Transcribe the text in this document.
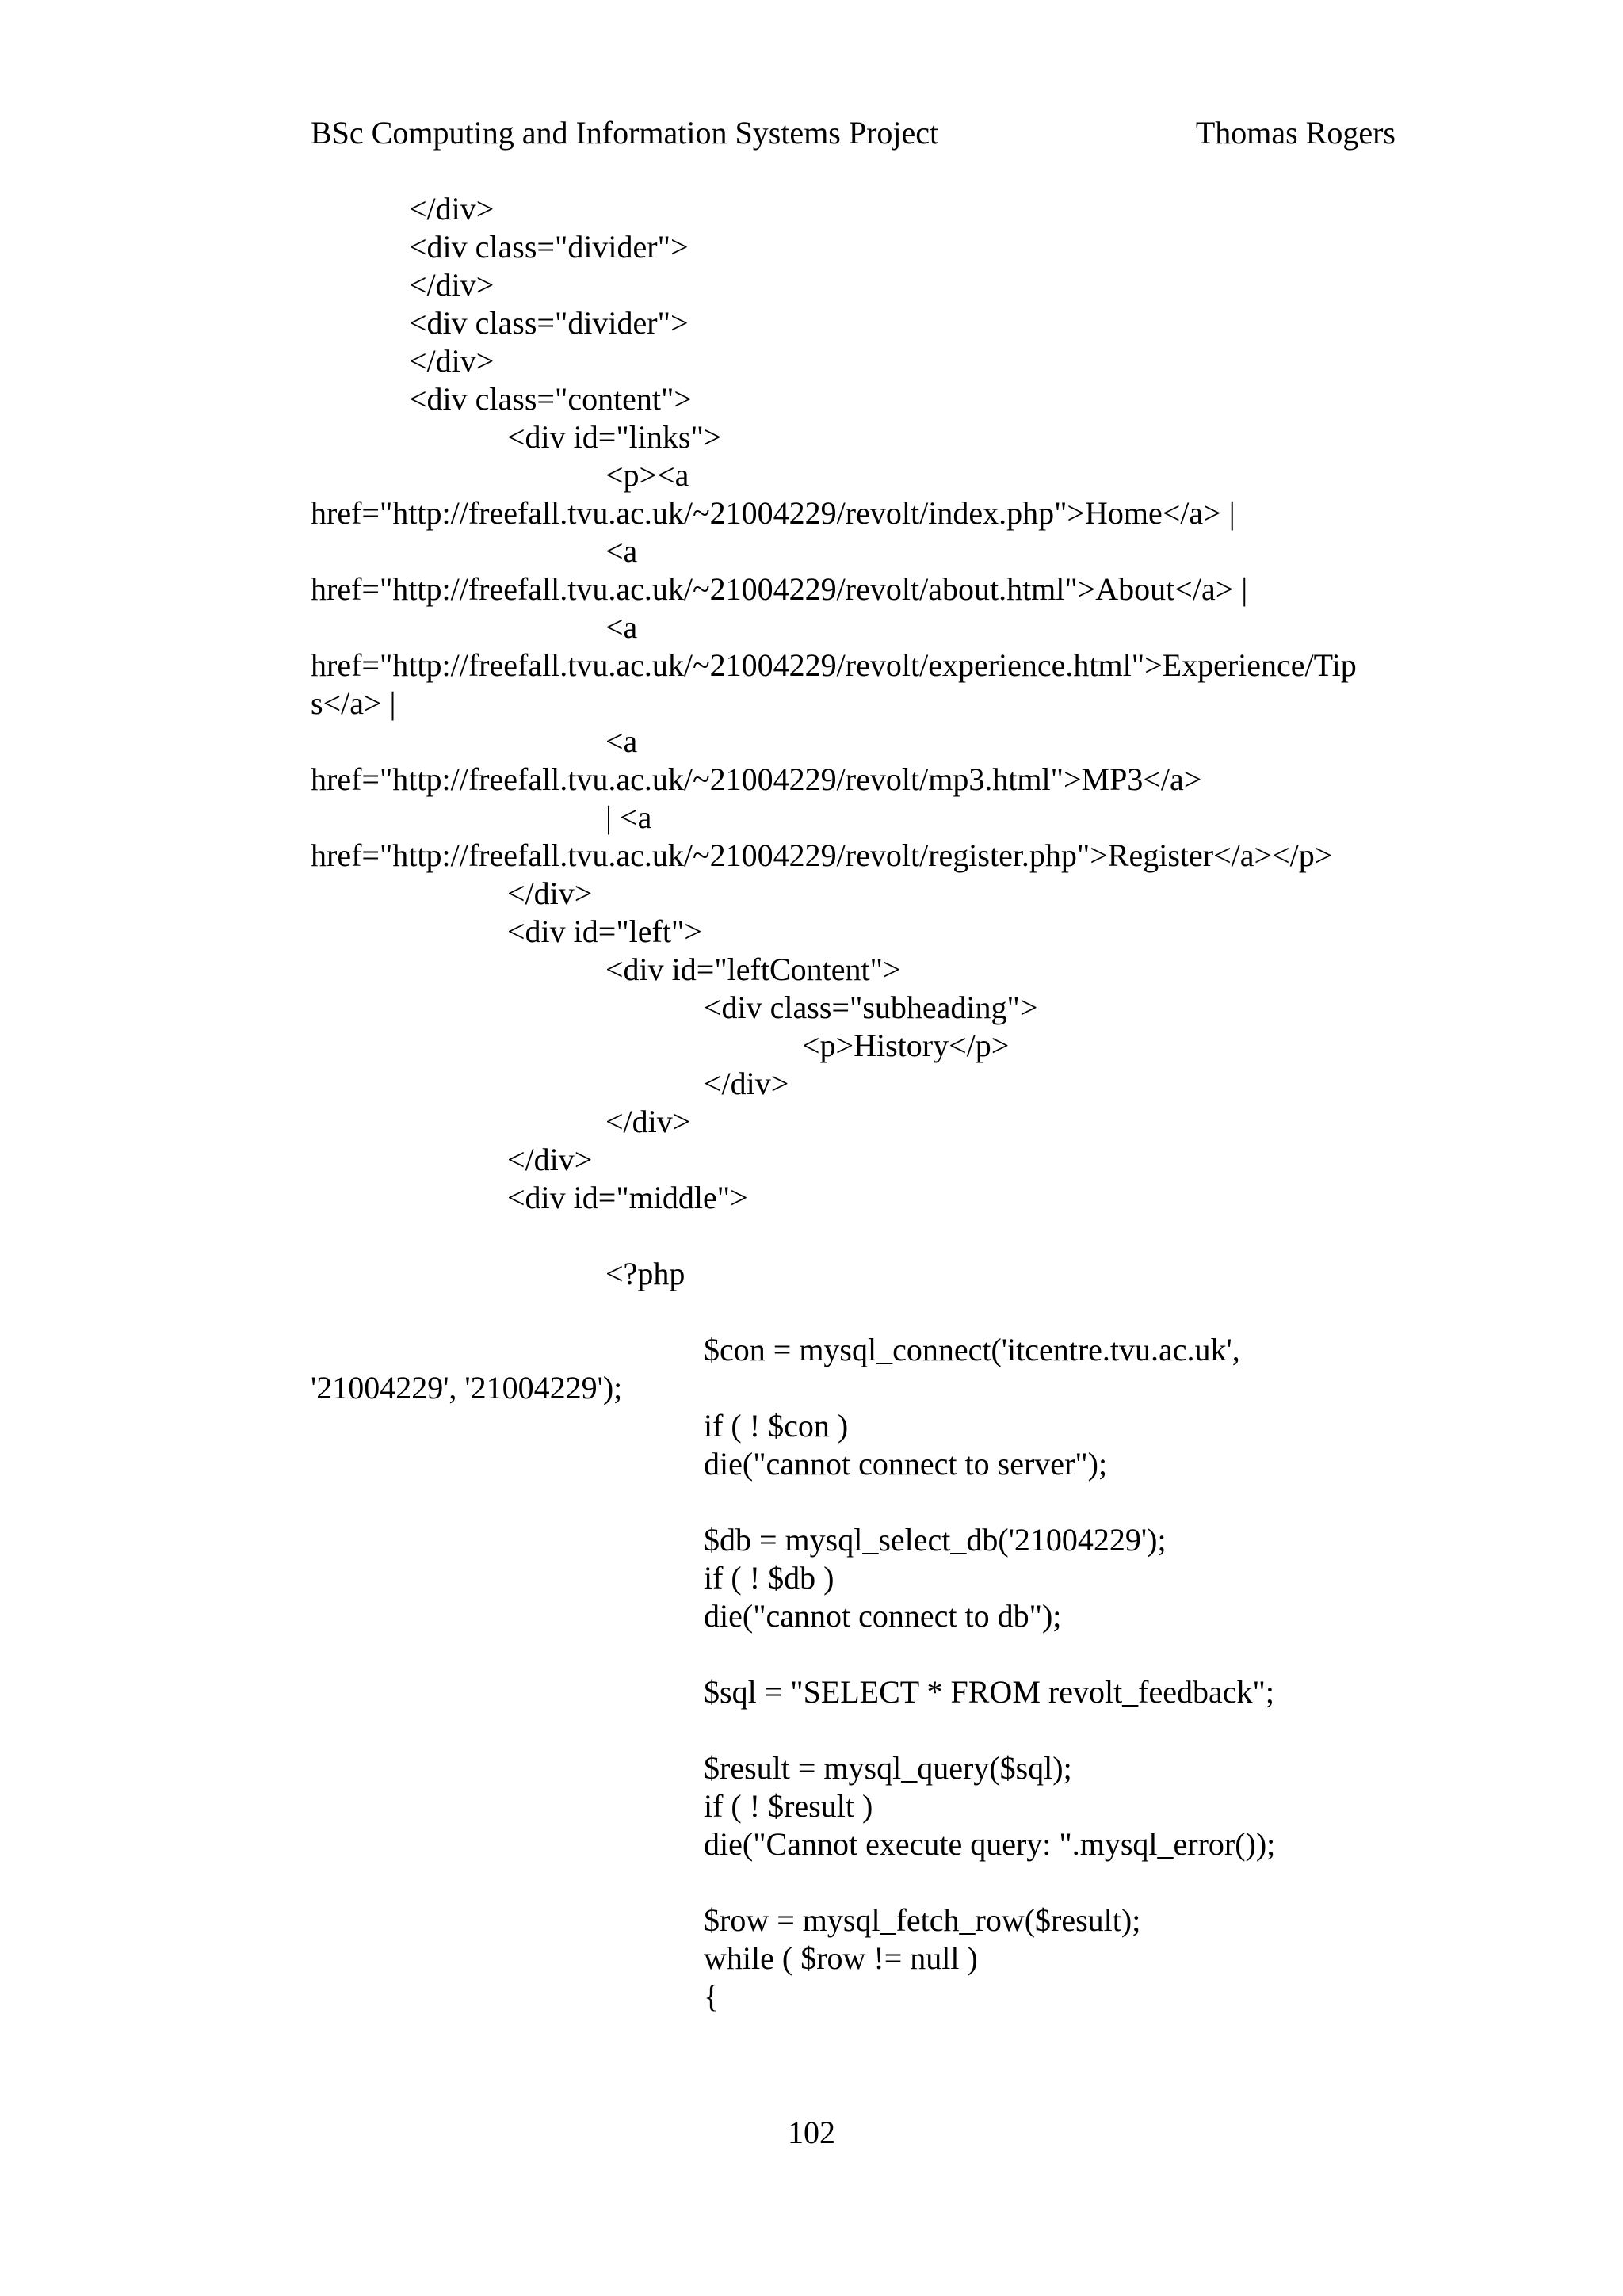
BSc Computing and Information Systems Project	Thomas Rogers
</div>
<div class="divider">
</div>
<div class="divider">
</div>
<div class="content">
<div id="links">
<p><a
href="http://freefall.tvu.ac.uk/~21004229/revolt/index.php">Home</a> |
<a
href="http://freefall.tvu.ac.uk/~21004229/revolt/about.html">About</a> |
<a
href="http://freefall.tvu.ac.uk/~21004229/revolt/experience.html">Experience/Tip
s</a> |
<a
href="http://freefall.tvu.ac.uk/~21004229/revolt/mp3.html">MP3</a>
| <a
href="http://freefall.tvu.ac.uk/~21004229/revolt/register.php">Register</a></p>
</div>
<div id="left">
<div id="leftContent">
<div class="subheading">
<p>History</p>
</div>
</div>
</div>
<div id="middle">
<?php
$con = mysql_connect('itcentre.tvu.ac.uk',
'21004229', '21004229');
if ( ! $con )
die("cannot connect to server");
$db = mysql_select_db('21004229');
if ( ! $db )
die("cannot connect to db");
$sql = "SELECT * FROM revolt_feedback";
$result = mysql_query($sql);
if ( ! $result )
die("Cannot execute query: ".mysql_error());
$row = mysql_fetch_row($result);
while ( $row != null )
{
102
